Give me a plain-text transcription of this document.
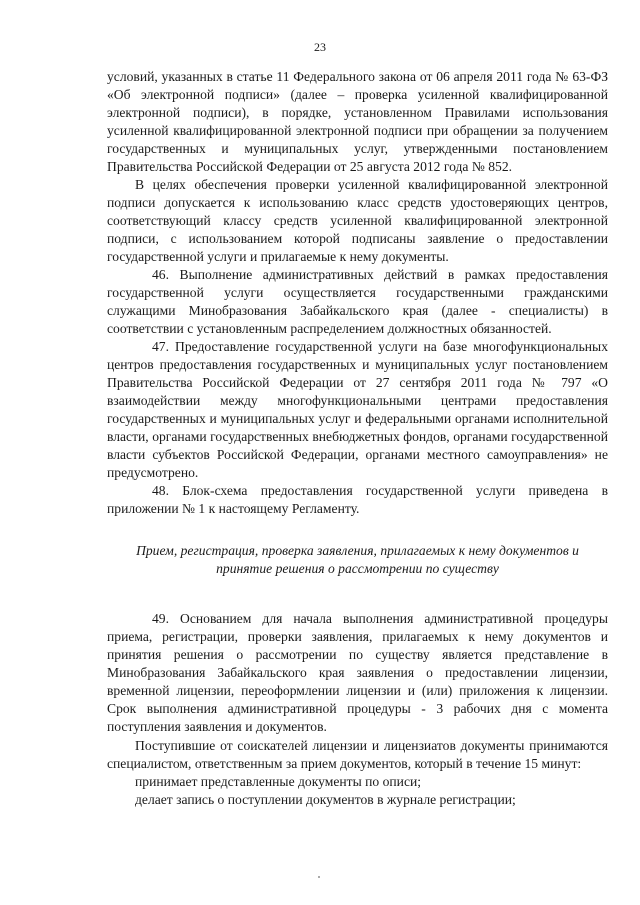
23

условий, указанных в статье 11 Федерального закона от 06 апреля 2011 года № 63-ФЗ «Об электронной подписи» (далее – проверка усиленной квалифицированной электронной подписи), в порядке, установленном Правилами использования усиленной квалифицированной электронной подписи при обращении за получением государственных и муниципальных услуг, утвержденными постановлением Правительства Российской Федерации от 25 августа 2012 года № 852.

В целях обеспечения проверки усиленной квалифицированной электронной подписи допускается к использованию класс средств удостоверяющих центров, соответствующий классу средств усиленной квалифицированной электронной подписи, с использованием которой подписаны заявление о предоставлении государственной услуги и прилагаемые к нему документы.

46. Выполнение административных действий в рамках предоставления государственной услуги осуществляется государственными гражданскими служащими Минобразования Забайкальского края (далее - специалисты) в соответствии с установленным распределением должностных обязанностей.

47. Предоставление государственной услуги на базе многофункциональных центров предоставления государственных и муниципальных услуг постановлением Правительства Российской Федерации от 27 сентября 2011 года № 797 «О взаимодействии между многофункциональными центрами предоставления государственных и муниципальных услуг и федеральными органами исполнительной власти, органами государственных внебюджетных фондов, органами государственной власти субъектов Российской Федерации, органами местного самоуправления» не предусмотрено.

48. Блок-схема предоставления государственной услуги приведена в приложении № 1 к настоящему Регламенту.

Прием, регистрация, проверка заявления, прилагаемых к нему документов и принятие решения о рассмотрении по существу

49. Основанием для начала выполнения административной процедуры приема, регистрации, проверки заявления, прилагаемых к нему документов и принятия решения о рассмотрении по существу является представление в Минобразования Забайкальского края заявления о предоставлении лицензии, временной лицензии, переоформлении лицензии и (или) приложения к лицензии. Срок выполнения административной процедуры - 3 рабочих дня с момента поступления заявления и документов.

Поступившие от соискателей лицензии и лицензиатов документы принимаются специалистом, ответственным за прием документов, который в течение 15 минут:

принимает представленные документы по описи;

делает запись о поступлении документов в журнале регистрации;
